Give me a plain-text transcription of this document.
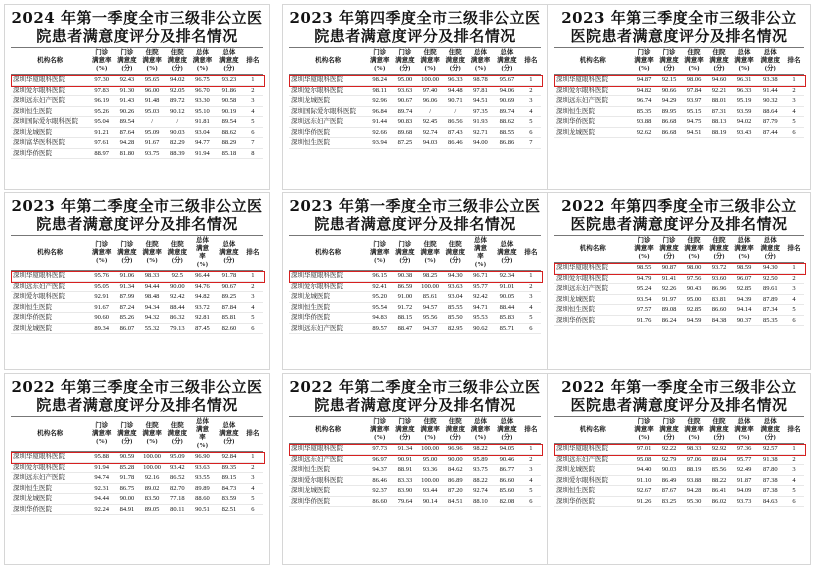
2024 年第一季度全市三级非公立医院患者满意度评分及排名情况
机构名称	门诊
满意率
(%)	门诊
满意度
(分)	住院
满意率
(%)	住院
满意度
(分)	总体
满意率
(%)	总体
满意度
(分)	排名
深圳华厦眼科医院	97.30	92.43	95.65	94.02	96.75	93.23	1
深圳爱尔眼科医院	97.83	91.30	96.00	92.05	96.70	91.86	2
深圳远东妇产医院	96.19	91.43	91.48	89.72	93.30	90.58	3
深圳恒生医院	95.26	90.26	95.03	90.12	95.10	90.19	4
深圳国际爱尔眼科医院	95.04	89.54	/	/	91.81	89.54	5
深圳龙城医院	91.21	87.64	95.09	90.03	93.04	88.62	6
深圳富华医科医院	97.61	94.28	91.67	82.29	94.77	88.29	7
深圳华侨医院	88.97	81.80	93.75	88.39	91.94	85.18	8
2023 年第四季度全市三级非公立医院患者满意度评分及排名情况
机构名称	门诊
满意率
(%)	门诊
满意度
(分)	住院
满意率
(%)	住院
满意度
(分)	总体
满意率
(%)	总体
满意度
(分)	排名
深圳华厦眼科医院	98.24	95.00	100.00	96.33	98.78	95.67	1
深圳爱尔眼科医院	98.11	93.63	97.40	94.48	97.81	94.06	2
深圳龙城医院	92.96	90.67	96.06	90.71	94.51	90.69	3
深圳国际爱尔眼科医院	96.84	89.74	/	/	97.35	89.74	4
深圳远东妇产医院	91.44	90.83	92.45	86.56	91.93	88.62	5
深圳华侨医院	92.66	89.68	92.74	87.43	92.71	88.55	6
深圳恒生医院	93.94	87.25	94.03	86.46	94.00	86.86	7
2023 年第三季度全市三级非公立医院患者满意度评分及排名情况
机构名称	门诊
满意率
(%)	门诊
满意度
(分)	住院
满意率
(%)	住院
满意度
(分)	总体
满意率
(%)	总体
满意度
(分)	排名
深圳华厦眼科医院	94.87	92.15	98.06	94.60	96.31	93.38	1
深圳爱尔眼科医院	94.82	90.66	97.84	92.21	96.33	91.44	2
深圳远东妇产医院	96.74	94.29	93.97	88.01	95.19	90.32	3
深圳恒生医院	85.35	89.95	95.15	87.31	93.59	88.64	4
深圳华侨医院	93.88	86.68	94.75	88.13	94.02	87.79	5
深圳龙城医院	92.62	86.68	94.51	88.19	93.43	87.44	6
2023 年第二季度全市三级非公立医院患者满意度评分及排名情况
机构名称	门诊
满意率
(%)	门诊
满意度
(分)	住院
满意率
(%)	住院
满意度
(分)	总体
满意
率
(%)	总体
满意度
(分)	排名
深圳华厦眼科医院	95.76	91.06	98.33	92.5	96.44	91.78	1
深圳远东妇产医院	95.05	91.34	94.44	90.00	94.76	90.67	2
深圳爱尔眼科医院	92.91	87.99	98.48	92.42	94.82	89.25	3
深圳恒生医院	91.67	87.24	94.34	88.44	93.72	87.84	4
深圳华侨医院	90.60	85.26	94.32	86.32	92.81	85.81	5
深圳龙城医院	89.34	86.07	55.32	79.13	87.45	82.60	6
2023 年第一季度全市三级非公立医院患者满意度评分及排名情况
机构名称	门诊
满意率
(%)	门诊
满意度
(分)	住院
满意率
(%)	住院
满意度
(分)	总体
满意
率
(%)	总体
满意度
(分)	排名
深圳华厦眼科医院	96.15	90.38	98.25	94.30	96.71	92.34	1
深圳爱尔眼科医院	92.41	86.59	100.00	93.63	95.77	91.01	2
深圳龙城医院	95.20	91.00	85.61	93.04	92.42	90.05	3
深圳恒生医院	95.54	91.72	94.57	85.55	94.71	88.44	4
深圳华侨医院	94.83	88.15	95.56	85.50	95.53	85.83	5
深圳远东妇产医院	89.57	88.47	94.37	82.95	90.62	85.71	6
2022 年第四季度全市三级非公立医院患者满意度评分及排名情况
机构名称	门诊
满意率
(%)	门诊
满意度
(分)	住院
满意率
(%)	住院
满意度
(分)	总体
满意率
(%)	总体
满意度
(分)	排名
深圳华厦眼科医院	98.55	90.87	98.00	93.72	98.59	94.30	1
深圳爱尔眼科医院	94.79	91.41	97.56	93.60	96.07	92.50	2
深圳远东妇产医院	95.24	92.26	90.43	86.96	92.85	89.61	3
深圳龙城医院	93.54	91.97	95.00	83.81	94.39	87.89	4
深圳恒生医院	97.57	89.08	92.85	86.60	94.14	87.34	5
深圳华侨医院	91.76	86.24	94.59	84.38	90.37	85.35	6
2022 年第三季度全市三级非公立医院患者满意度评分及排名情况
机构名称	门诊
满意率
(%)	门诊
满意度
(分)	住院
满意率
(%)	住院
满意度
(分)	总体
满意
率
(%)	总体
满意度
(分)	排名
深圳华厦眼科医院	95.88	90.59	100.00	95.09	96.90	92.84	1
深圳爱尔眼科医院	91.94	85.28	100.00	93.42	93.63	89.35	2
深圳远东妇产医院	94.74	91.78	92.16	86.52	93.55	89.15	3
深圳恒生医院	92.31	86.75	89.02	82.70	89.89	84.73	4
深圳龙城医院	94.44	90.00	83.50	77.18	88.60	83.59	5
深圳华侨医院	92.24	84.91	89.05	80.11	90.51	82.51	6
2022 年第二季度全市三级非公立医院患者满意度评分及排名情况
机构名称	门诊
满意率
(%)	门诊
满意度
(分)	住院
满意率
(%)	住院
满意度
(分)	总体
满意率
(%)	总体
满意度
(分)	排名
深圳华厦眼科医院	97.73	91.34	100.00	96.96	98.22	94.05	1
深圳远东妇产医院	96.97	90.91	95.00	90.00	95.89	90.46	2
深圳恒生医院	94.37	88.91	93.36	84.62	93.75	86.77	3
深圳爱尔眼科医院	86.46	83.33	100.00	86.89	88.22	86.60	4
深圳龙城医院	92.37	83.90	93.44	87.20	92.74	85.60	5
深圳华侨医院	86.60	79.64	90.14	84.51	88.10	82.08	6
2022 年第一季度全市三级非公立医院患者满意度评分及排名情况
机构名称	门诊
满意率
(%)	门诊
满意度
(分)	住院
满意率
(%)	住院
满意度
(分)	总体
满意率
(%)	总体
满意度
(分)	排名
深圳华厦眼科医院	97.01	92.22	98.33	92.92	97.36	92.57	1
深圳远东妇产医院	95.08	92.79	97.06	89.04	95.77	91.38	2
深圳龙城医院	94.40	90.03	88.19	85.56	92.49	87.80	3
深圳爱尔眼科医院	91.10	86.49	93.88	88.22	91.87	87.38	4
深圳恒生医院	92.67	87.67	94.28	86.41	94.09	87.38	5
深圳华侨医院	91.26	83.25	95.30	86.02	93.73	84.63	6
